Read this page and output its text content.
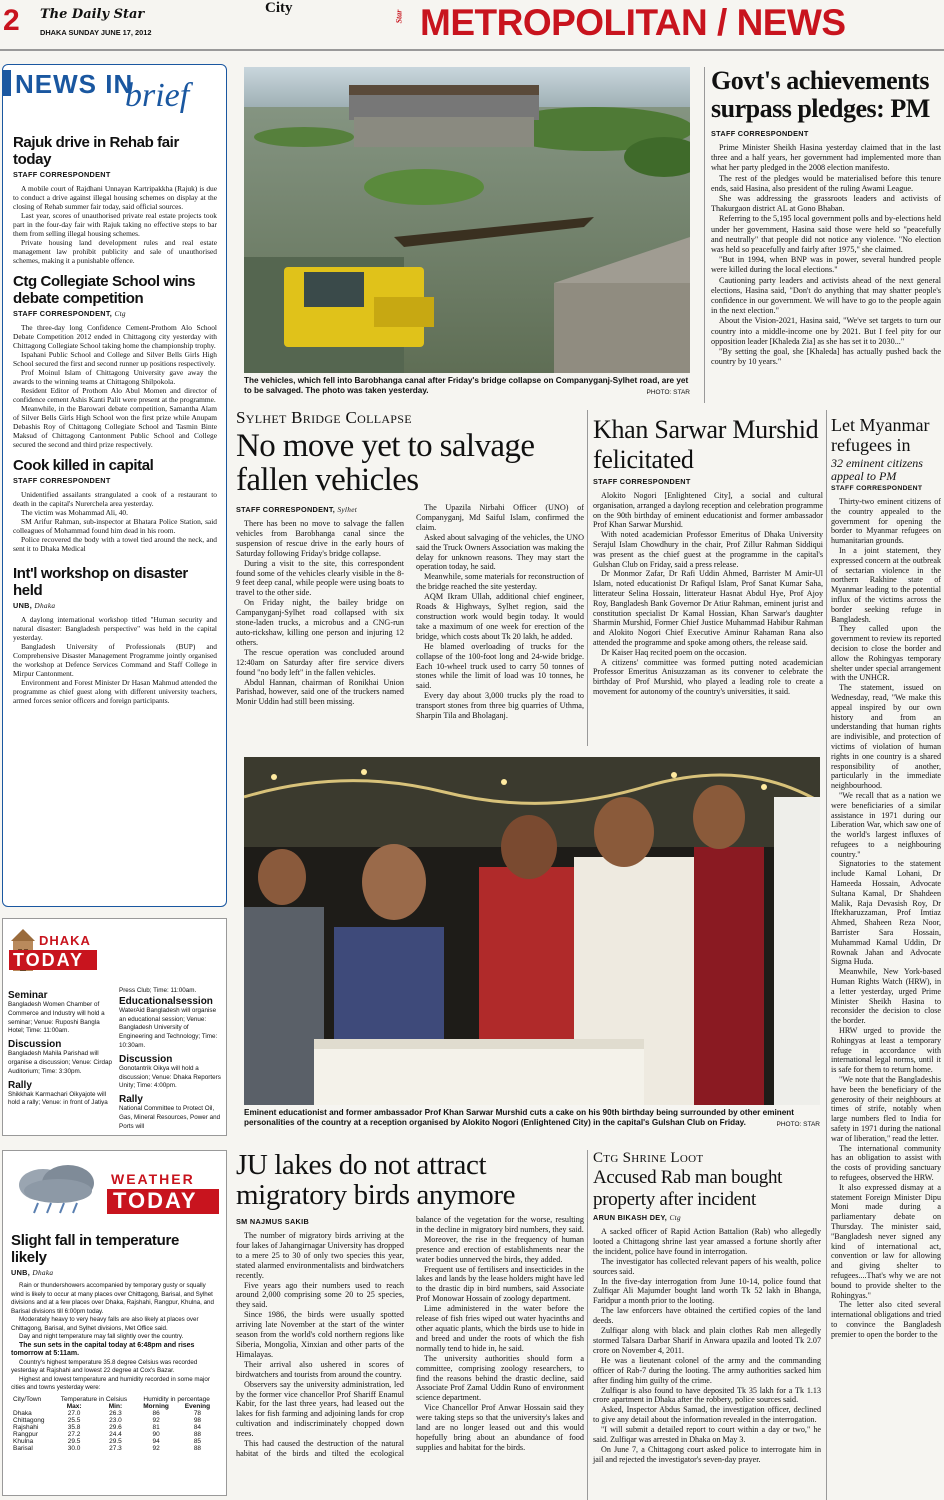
2 The Daily Star
DHAKA SUNDAY JUNE 17, 2012
City
Star METROPOLITAN / NEWS
NEWS IN
brief
Rajuk drive in Rehab fair today
STAFF CORRESPONDENT

A mobile court of Rajdhani Unnayan Kartripakkha (Rajuk) is due to conduct a drive against illegal housing schemes on display at the closing of Rehab summer fair today, said official sources.

Last year, scores of unauthorised private real estate projects took part in the four-day fair with Rajuk taking no effective steps to bar them from selling illegal housing schemes.

Private housing land development rules and real estate management law prohibit publicity and sale of unauthorised schemes, making it a punishable offence.

Ctg Collegiate School wins debate competition
STAFF CORRESPONDENT, Ctg

The three-day long Confidence Cement-Prothom Alo School Debate Competition 2012 ended in Chittagong city yesterday with Chittagong Collegiate School taking home the championship trophy.

Ispahani Public School and College and Silver Bells Girls High School secured the first and second runner up positions respectively.

Prof Moinul Islam of Chittagong University gave away the awards to the winning teams at Chittagong Shilpokola.

Resident Editor of Prothom Alo Abul Momen and director of confidence cement Ashis Kanti Palit were present at the programme.

Meanwhile, in the Barowari debate competition, Samantha Alam of Silver Bells Girls High School won the first prize while Anupam Debashis Roy of Chittagong Collegiate School and Tasmin Binte Maksud of Chittagong Cantonment Public School and College secured the second and third prize respectively.

Cook killed in capital
STAFF CORRESPONDENT

Unidentified assailants strangulated a cook of a restaurant to death in the capital's Nurerchela area yesterday.

The victim was Mohammad Ali, 40.

SM Arifur Rahman, sub-inspector at Bhatara Police Station, said colleagues of Mohammad found him dead in his room.

Police recovered the body with a towel tied around the neck, and sent it to Dhaka Medical

Int'l workshop on disaster held
UNB, Dhaka

A daylong international workshop titled "Human security and natural disaster: Bangladesh perspective" was held in the capital yesterday.

Bangladesh University of Professionals (BUP) and Comprehensive Disaster Management Programme jointly organised the workshop at Defence Services Command and Staff College in Mirpur Cantonment.

Environment and Forest Minister Dr Hasan Mahmud attended the programme as chief guest along with different university teachers, armed forces senior officers and foreign participants.

DHAKA
TODAY
Seminar
Bangladesh Women Chamber of Commerce and Industry will hold a seminar; Venue: Ruposhi Bangla Hotel; Time: 11:00am.
Discussion
Bangladesh Mahila Parishad will organise a discussion; Venue: Cirdap Auditorium; Time: 3:30pm.
Rally
Shikkhak Karmachari Oikyajote will hold a rally; Venue: in front of Jatiya
Press Club; Time: 11:00am.
Educationalsession
WaterAid Bangladesh will organise an educational session; Venue: Bangladesh University of Engineering and Technology; Time: 10:30am.
Discussion
Gonotantrik Oikya will hold a discussion; Venue: Dhaka Reporters Unity; Time: 4:00pm.
Rally
National Committee to Protect Oil, Gas, Mineral Resources, Power and Ports will
WEATHER
TODAY
Slight fall in temperature likely
UNB, Dhaka

Rain or thundershowers accompanied by temporary gusty or squally wind is likely to occur at many places over Chittagong, Barisal, and Sylhet divisions and at a few places over Dhaka, Rajshahi, Rangpur, Khulna, and Barisal divisions till 6:00pm today.

Moderately heavy to very heavy falls are also likely at places over Chittagong, Barisal, and Sylhet divisions, Met Office said.

Day and night temperature may fall slightly over the country.

The sun sets in the capital today at 6:48pm and rises tomorrow at 5:11am.

Country's highest temperature 35.8 degree Celsius was recorded yesterday at Rajshahi and lowest 22 degree at Cox's Bazar.

Highest and lowest temperature and humidity recorded in some major cities and towns yesterday were:

City/Town	Temperature in Celsius		Humidity in percentage	
	Max:	Min:	Morning	Evening
Dhaka	27.0	26.3	86	78
Chittagong	25.5	23.0	92	98
Rajshahi	35.8	29.6	81	84
Rangpur	27.2	24.4	90	88
Khulna	29.5	29.5	94	85
Barisal	30.0	27.3	92	88
The vehicles, which fell into Barobhanga canal after Friday's bridge collapse on Companyganj-Sylhet road, are yet to be salvaged. The photo was taken yesterday.	PHOTO: STAR
Govt's achievements surpass pledges: PM
STAFF CORRESPONDENT

Prime Minister Sheikh Hasina yesterday claimed that in the last three and a half years, her government had implemented more than what her party pledged in the 2008 election manifesto.

The rest of the pledges would be materialised before this tenure ends, said Hasina, also president of the ruling Awami League.

She was addressing the grassroots leaders and activists of Thakurgaon district AL at Gono Bhaban.

Referring to the 5,195 local government polls and by-elections held under her government, Hasina said those were held so "peacefully and neutrally" that people did not notice any violence. "No election was held so peacefully and fairly after 1975," she claimed.

"But in 1994, when BNP was in power, several hundred people were killed during the local elections."

Cautioning party leaders and activists ahead of the next general elections, Hasina said, "Don't do anything that may shatter people's confidence in our government. We will have to go to the people again in the next election."

About the Vision-2021, Hasina said, "We've set targets to turn our country into a middle-income one by 2021. But I feel pity for our opposition leader [Khaleda Zia] as she has set it to 2030..."

"By setting the goal, she [Khaleda] has actually pushed back the country by 10 years."

Sylhet Bridge Collapse
No move yet to salvage fallen vehicles
STAFF CORRESPONDENT, Sylhet

There has been no move to salvage the fallen vehicles from Barobhanga canal since the suspension of rescue drive in the early hours of Saturday following Friday's bridge collapse.

During a visit to the site, this correspondent found some of the vehicles clearly visible in the 8-9 feet deep canal, while people were using boats to travel to the other side.

On Friday night, the bailey bridge on Campanyganj-Sylhet road collapsed with six stone-laden trucks, a microbus and a CNG-run auto-rickshaw, killing one person and injuring 12 others.

The rescue operation was concluded around 12:40am on Saturday after fire service divers found "no body left" in the fallen vehicles.

Abdul Hannan, chairman of Ronikhai Union Parishad, however, said one of the truckers named Monir Uddin had still been missing.

The Upazila Nirbahi Officer (UNO) of Companyganj, Md Saiful Islam, confirmed the claim.

Asked about salvaging of the vehicles, the UNO said the Truck Owners Association was making the delay for unknown reasons. They may start the operation today, he said.

Meanwhile, some materials for reconstruction of the bridge reached the site yesterday.

AQM Ikram Ullah, additional chief engineer, Roads & Highways, Sylhet region, said the construction work would begin today. It would take a maximum of one week for erection of the bridge, which costs about Tk 20 lakh, he added.

He blamed overloading of trucks for the collapse of the 100-foot long and 24-wide bridge. Each 10-wheel truck used to carry 50 tonnes of stones while the limit of load was 10 tonnes, he said.

Every day about 3,000 trucks ply the road to transport stones from three big quarries of Uthma, Sharpin Tila and Bholaganj.

Khan Sarwar Murshid felicitated
STAFF CORRESPONDENT

Alokito Nogori [Enlightened City], a social and cultural organisation, arranged a daylong reception and celebration programme on the 90th birthday of eminent educationist and former ambassador Prof Khan Sarwar Murshid.

With noted academician Professor Emeritus of Dhaka University Serajul Islam Chowdhury in the chair, Prof Zillur Rahman Siddiqui was present as the chief guest at the programme in the capital's Gulshan Club on Friday, said a press release.

Dr Monmor Zafar, Dr Rafi Uddin Ahmed, Barrister M Amir-Ul Islam, noted educationist Dr Rafiqul Islam, Prof Sanat Kumar Saha, litterateur Selina Hossain, litterateur Hasnat Abdul Hye, Prof Ajoy Roy, Bangladesh Bank Governor Dr Atiur Rahman, eminent jurist and constitution specialist Dr Kamal Hossian, Khan Sarwar's daughter Sharmin Murshid, Former Chief Justice Muhammad Habibur Rahman and Alokito Nogori Chief Executive Aminur Rahaman Rana also attended the programme and spoke among others, the release said.

Dr Kaiser Haq recited poem on the occasion.

A citizens' committee was formed putting noted academician Professor Emeritus Anisuzzaman as its convener to celebrate the birthday of Prof Murshid, who played a leading role to create a movement for autonomy of the country's universities, it said.

Let Myanmar refugees in
32 eminent citizens appeal to PM
STAFF CORRESPONDENT

Thirty-two eminent citizens of the country appealed to the government for opening the border to Myanmar refugees on humanitarian grounds.

In a joint statement, they expressed concern at the outbreak of sectarian violence in the northern Rakhine state of Myanmar leading to the potential influx of the victims across the border seeking refuge in Bangladesh.

They called upon the government to review its reported decision to close the border and allow the Rohingyas temporary shelter under special arrangement with the UNHCR.

The statement, issued on Wednesday, read, "We make this appeal inspired by our own history and from an understanding that human rights are indivisible, and protection of victims of violation of human rights in one country is a shared responsibility of another, particularly in the immediate neighbourhood.

"We recall that as a nation we were beneficiaries of a similar assistance in 1971 during our Liberation War, which saw one of the world's largest influxes of refugees to a neighbouring country."

Signatories to the statement include Kamal Lohani, Dr Hameeda Hossain, Advocate Sultana Kamal, Dr Shahdeen Malik, Raja Devasish Roy, Dr Iftekharuzzaman, Prof Imtiaz Ahmed, Shaheen Reza Noor, Barrister Sara Hossain, Muhammad Kamal Uddin, Dr Rownak Jahan and Advocate Sigma Huda.

Meanwhile, New York-based Human Rights Watch (HRW), in a letter yesterday, urged Prime Minister Sheikh Hasina to reconsider the decision to close the border.

HRW urged to provide the Rohingyas at least a temporary refuge in accordance with international legal norms, until it is safe for them to return home.

"We note that the Bangladeshis have been the beneficiary of the generosity of their neighbours at times of strife, notably when large numbers fled to India for safety in 1971 during the national war of liberation," read the letter.

The international community has an obligation to assist with the costs of providing sanctuary to refugees, observed the HRW.

It also expressed dismay at a statement Foreign Minister Dipu Moni made during a parliamentary debate on Thursday. The minister said, "Bangladesh never signed any kind of international act, convention or law for allowing and giving shelter to refugees....That's why we are not bound to provide shelter to the Rohingyas."

The letter also cited several international obligations and tried to convince the Bangladesh premier to open the border to the

Eminent educationist and former ambassador Prof Khan Sarwar Murshid cuts a cake on his 90th birthday being surrounded by other eminent personalities of the country at a reception organised by Alokito Nogori (Enlightened City) in the capital's Gulshan Club on Friday.	PHOTO: STAR
JU lakes do not attract migratory birds anymore
SM NAJMUS SAKIB

The number of migratory birds arriving at the four lakes of Jahangirnagar University has dropped to a mere 25 to 30 of only two species this year, stated alarmed environmentalists and birdwatchers recently.

Five years ago their numbers used to reach around 2,000 comprising some 20 to 25 species, they said.

Since 1986, the birds were usually spotted arriving late November at the start of the winter season from the world's cold northern regions like Siberia, Mongolia, Xinxian and other parts of the Himalayas.

Their arrival also ushered in scores of birdwatchers and tourists from around the country.

Observers say the university administration, led by the former vice chancellor Prof Shariff Enamul Kabir, for the last three years, had leased out the lakes for fish farming and adjoining lands for crop cultivation and indiscriminately chopped down trees.

This had caused the destruction of the natural habitat of the birds and tilted the ecological balance of the vegetation for the worse, resulting in the decline in migratory bird numbers, they said.

Moreover, the rise in the frequency of human presence and erection of establishments near the water bodies unnerved the birds, they added.

Frequent use of fertilisers and insecticides in the lakes and lands by the lease holders might have led to the drastic dip in bird numbers, said Associate Prof Monowar Hossain of zoology department.

Lime administered in the water before the release of fish fries wiped out water hyacinths and other aquatic plants, which the birds use to hide in and breed and under the roots of which the fish normally tend to hide in, he said.

The university authorities should form a committee, comprising zoology researchers, to find the reasons behind the drastic decline, said Associate Prof Zamal Uddin Runo of environment science department.

Vice Chancellor Prof Anwar Hossain said they were taking steps so that the university's lakes and land are no longer leased out and this would hopefully bring about an abundance of food supplies and habitat for the birds.

Ctg Shrine Loot
Accused Rab man bought property after incident
ARUN BIKASH DEY, Ctg

A sacked officer of Rapid Action Battalion (Rab) who allegedly looted a Chittagong shrine last year amassed a fortune shortly after the incident, police have found in interrogation.

The investigator has collected relevant papers of his wealth, police sources said.

In the five-day interrogation from June 10-14, police found that Zulfiqar Ali Majumder bought land worth Tk 52 lakh in Bhanga, Faridpur a month prior to the looting.

The law enforcers have obtained the certified copies of the land deeds.

Zulfiqar along with black and plain clothes Rab men allegedly stormed Talsara Darbar Sharif in Anwara upazila and looted Tk 2.07 crore on November 4, 2011.

He was a lieutenant colonel of the army and the commanding officer of Rab-7 during the looting. The army authorities sacked him after finding him guilty of the crime.

Zulfiqar is also found to have deposited Tk 35 lakh for a Tk 1.13 crore apartment in Dhaka after the robbery, police sources said.

Asked, Inspector Abdus Samad, the investigation officer, declined to give any detail about the information revealed in the interrogation.

"I will submit a detailed report to court within a day or two," he said. Zulfiqar was arrested in Dhaka on May 3.

On June 7, a Chittagong court asked police to interrogate him in jail and rejected the investigator's seven-day prayer.
